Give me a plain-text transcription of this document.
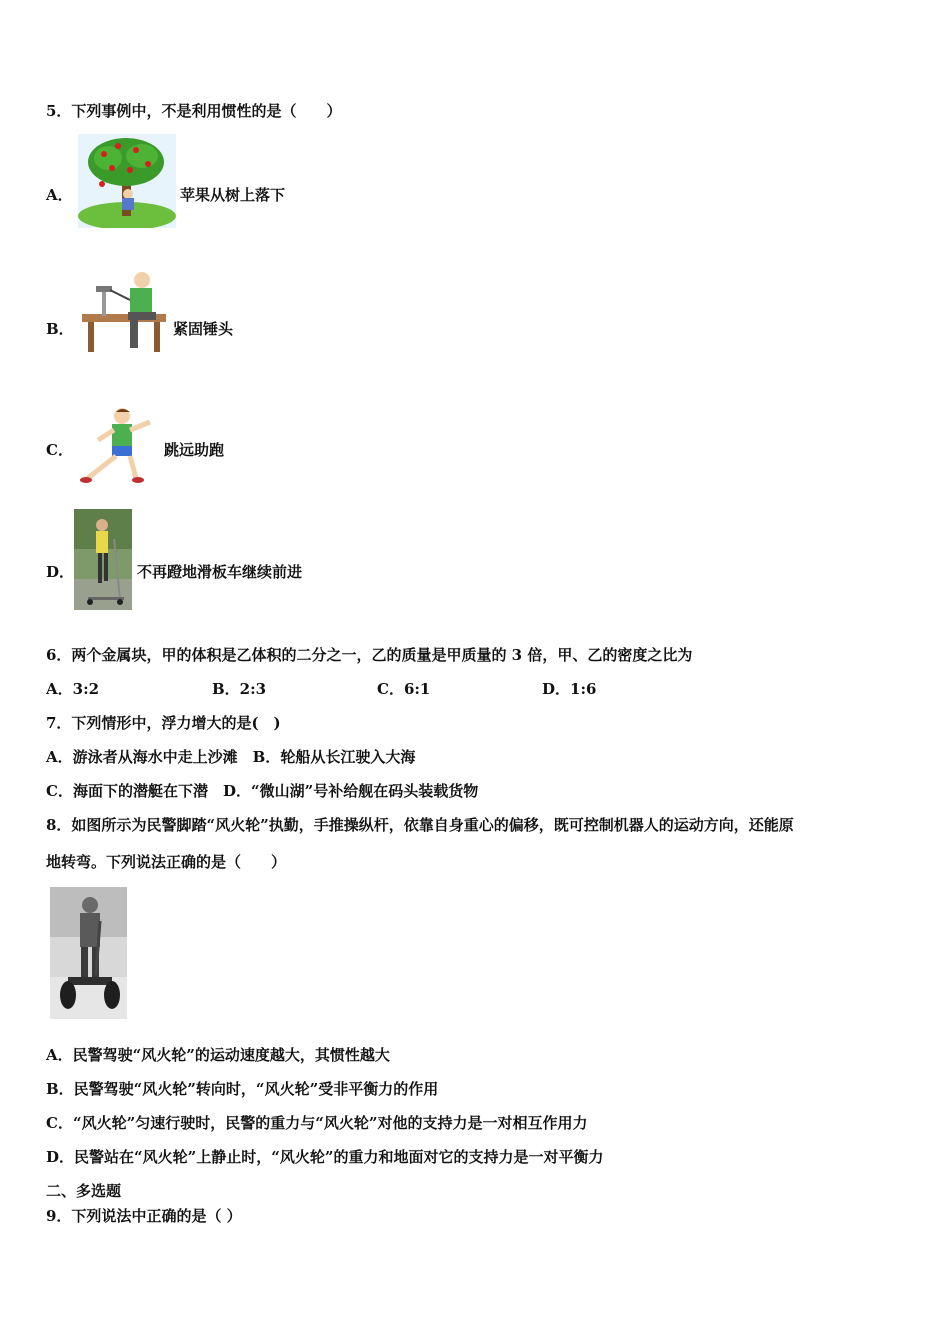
5．下列事例中，不是利用惯性的是（　　）
A．	苹果从树上落下
B．	紧固锤头
C．	跳远助跑
D．	不再蹬地滑板车继续前进
6．两个金属块，甲的体积是乙体积的二分之一，乙的质量是甲质量的 3 倍，甲、乙的密度之比为
A．3:2	B．2:3	C．6:1	D．1:6
7．下列情形中，浮力增大的是(　)
A．游泳者从海水中走上沙滩　B．轮船从长江驶入大海
C．海面下的潜艇在下潜　D．“微山湖”号补给舰在码头装载货物
8．如图所示为民警脚踏“风火轮”执勤，手推操纵杆，依靠自身重心的偏移，既可控制机器人的运动方向，还能原
地转弯。下列说法正确的是（　　）
A．民警驾驶“风火轮”的运动速度越大，其惯性越大
B．民警驾驶“风火轮”转向时，“风火轮”受非平衡力的作用
C．“风火轮”匀速行驶时，民警的重力与“风火轮”对他的支持力是一对相互作用力
D．民警站在“风火轮”上静止时，“风火轮”的重力和地面对它的支持力是一对平衡力
二、多选题
9．下列说法中正确的是（ ）
